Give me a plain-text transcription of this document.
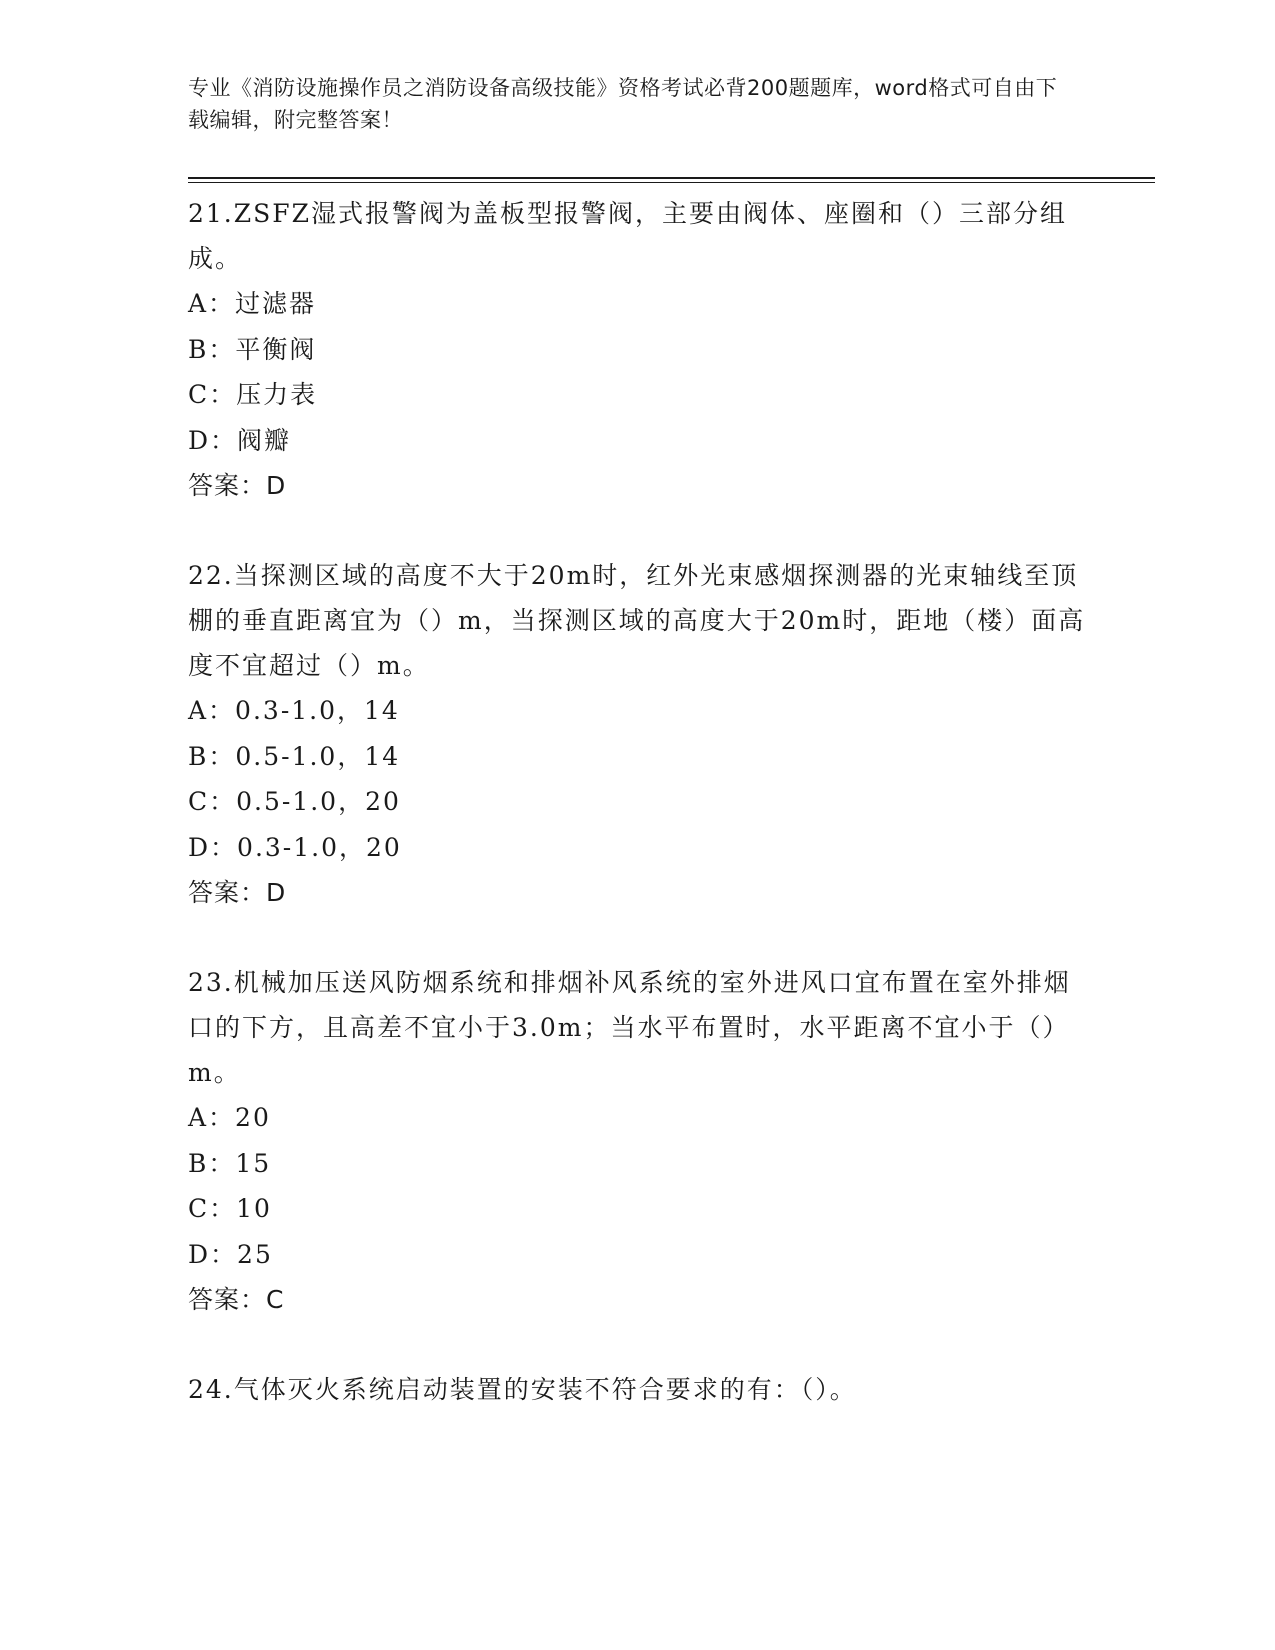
专业《消防设施操作员之消防设备高级技能》资格考试必背200题题库，word格式可自由下载编辑，附完整答案！
21.ZSFZ湿式报警阀为盖板型报警阀，主要由阀体、座圈和（）三部分组成。
A：过滤器
B：平衡阀
C：压力表
D：阀瓣
答案：D
22.当探测区域的高度不大于20m时，红外光束感烟探测器的光束轴线至顶棚的垂直距离宜为（）m，当探测区域的高度大于20m时，距地（楼）面高度不宜超过（）m。
A：0.3-1.0，14
B：0.5-1.0，14
C：0.5-1.0，20
D：0.3-1.0，20
答案：D
23.机械加压送风防烟系统和排烟补风系统的室外进风口宜布置在室外排烟口的下方，且高差不宜小于3.0m；当水平布置时，水平距离不宜小于（）m。
A：20
B：15
C：10
D：25
答案：C
24.气体灭火系统启动装置的安装不符合要求的有：（）。
